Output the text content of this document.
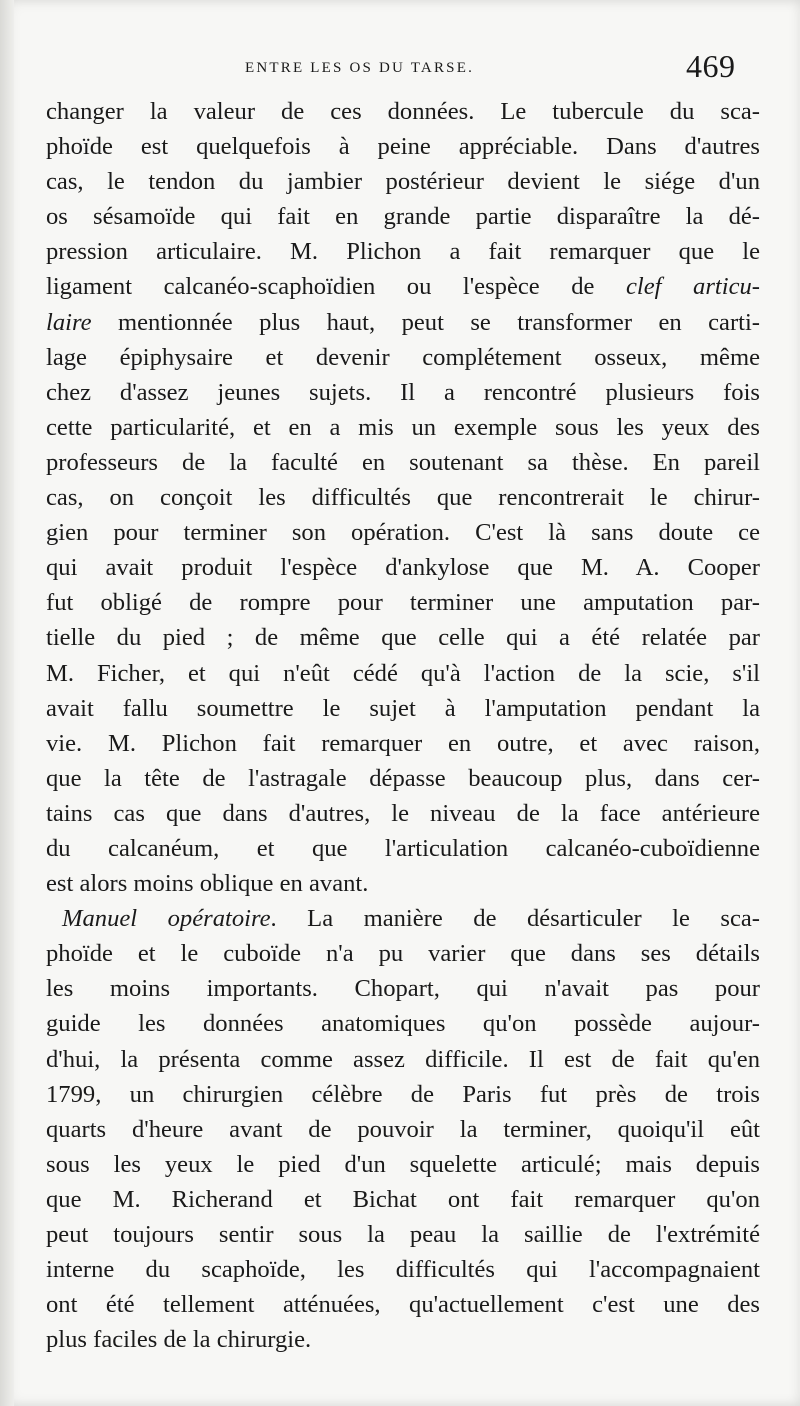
ENTRE LES OS DU TARSE.	469
changer la valeur de ces données. Le tubercule du sca-
phoïde est quelquefois à peine appréciable. Dans d'autres
cas, le tendon du jambier postérieur devient le siége d'un
os sésamoïde qui fait en grande partie disparaître la dé-
pression articulaire. M. Plichon a fait remarquer que le
ligament calcanéo-scaphoïdien ou l'espèce de clef articu-
laire mentionnée plus haut, peut se transformer en carti-
lage épiphysaire et devenir complétement osseux, même
chez d'assez jeunes sujets. Il a rencontré plusieurs fois
cette particularité, et en a mis un exemple sous les yeux des
professeurs de la faculté en soutenant sa thèse. En pareil
cas, on conçoit les difficultés que rencontrerait le chirur-
gien pour terminer son opération. C'est là sans doute ce
qui avait produit l'espèce d'ankylose que M. A. Cooper
fut obligé de rompre pour terminer une amputation par-
tielle du pied ; de même que celle qui a été relatée par
M. Ficher, et qui n'eût cédé qu'à l'action de la scie, s'il
avait fallu soumettre le sujet à l'amputation pendant la
vie. M. Plichon fait remarquer en outre, et avec raison,
que la tête de l'astragale dépasse beaucoup plus, dans cer-
tains cas que dans d'autres, le niveau de la face antérieure
du calcanéum, et que l'articulation calcanéo-cuboïdienne
est alors moins oblique en avant.
Manuel opératoire. La manière de désarticuler le sca-
phoïde et le cuboïde n'a pu varier que dans ses détails
les moins importants. Chopart, qui n'avait pas pour
guide les données anatomiques qu'on possède aujour-
d'hui, la présenta comme assez difficile. Il est de fait qu'en
1799, un chirurgien célèbre de Paris fut près de trois
quarts d'heure avant de pouvoir la terminer, quoiqu'il eût
sous les yeux le pied d'un squelette articulé; mais depuis
que M. Richerand et Bichat ont fait remarquer qu'on
peut toujours sentir sous la peau la saillie de l'extrémité
interne du scaphoïde, les difficultés qui l'accompagnaient
ont été tellement atténuées, qu'actuellement c'est une des
plus faciles de la chirurgie.
